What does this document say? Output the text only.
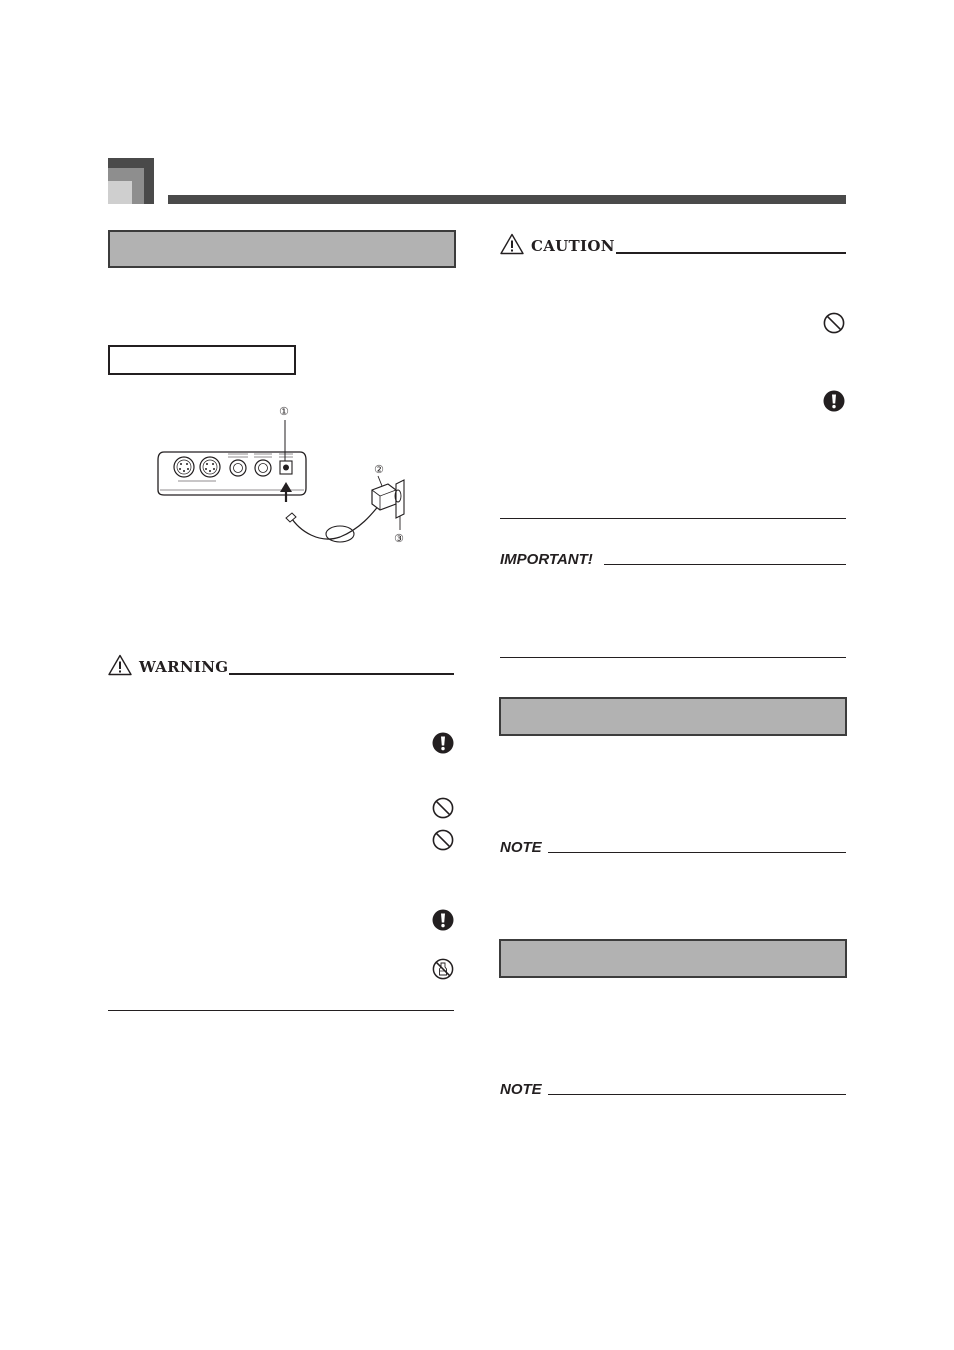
①
②
③
WARNING
CAUTION
IMPORTANT!
NOTE
NOTE
